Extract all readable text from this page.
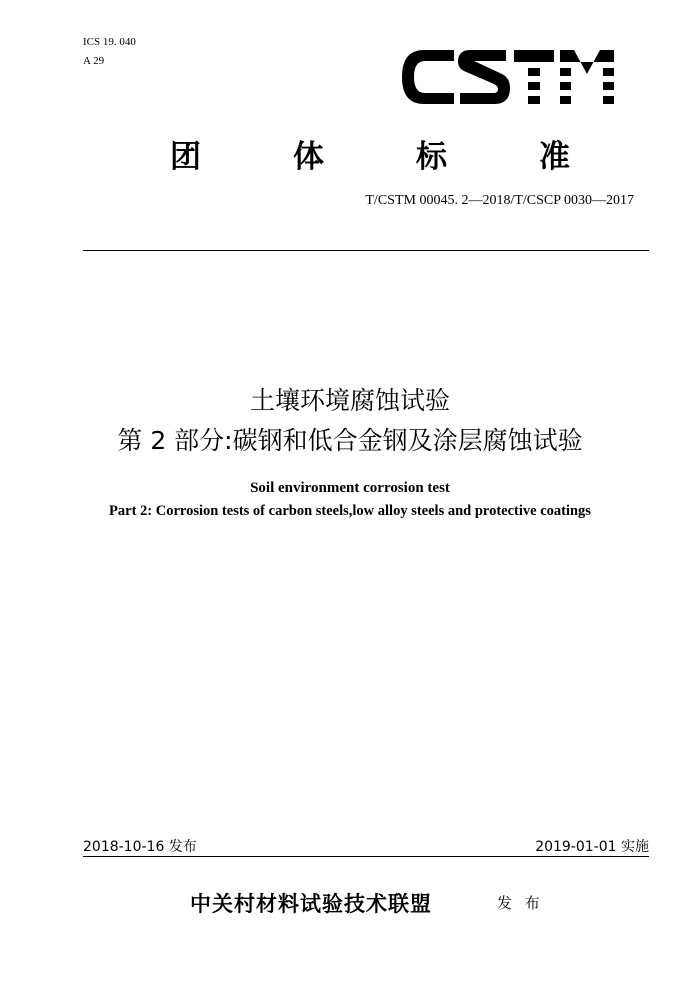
ICS 19. 040
A 29
团	体	标	准
T/CSTM 00045. 2—2018/T/CSCP 0030—2017
土壤环境腐蚀试验
第 2 部分:碳钢和低合金钢及涂层腐蚀试验
Soil environment corrosion test
Part 2: Corrosion tests of carbon steels,low alloy steels and protective coatings
2018-10-16 发布	2019-01-01 实施
中关村材料试验技术联盟	发 布
